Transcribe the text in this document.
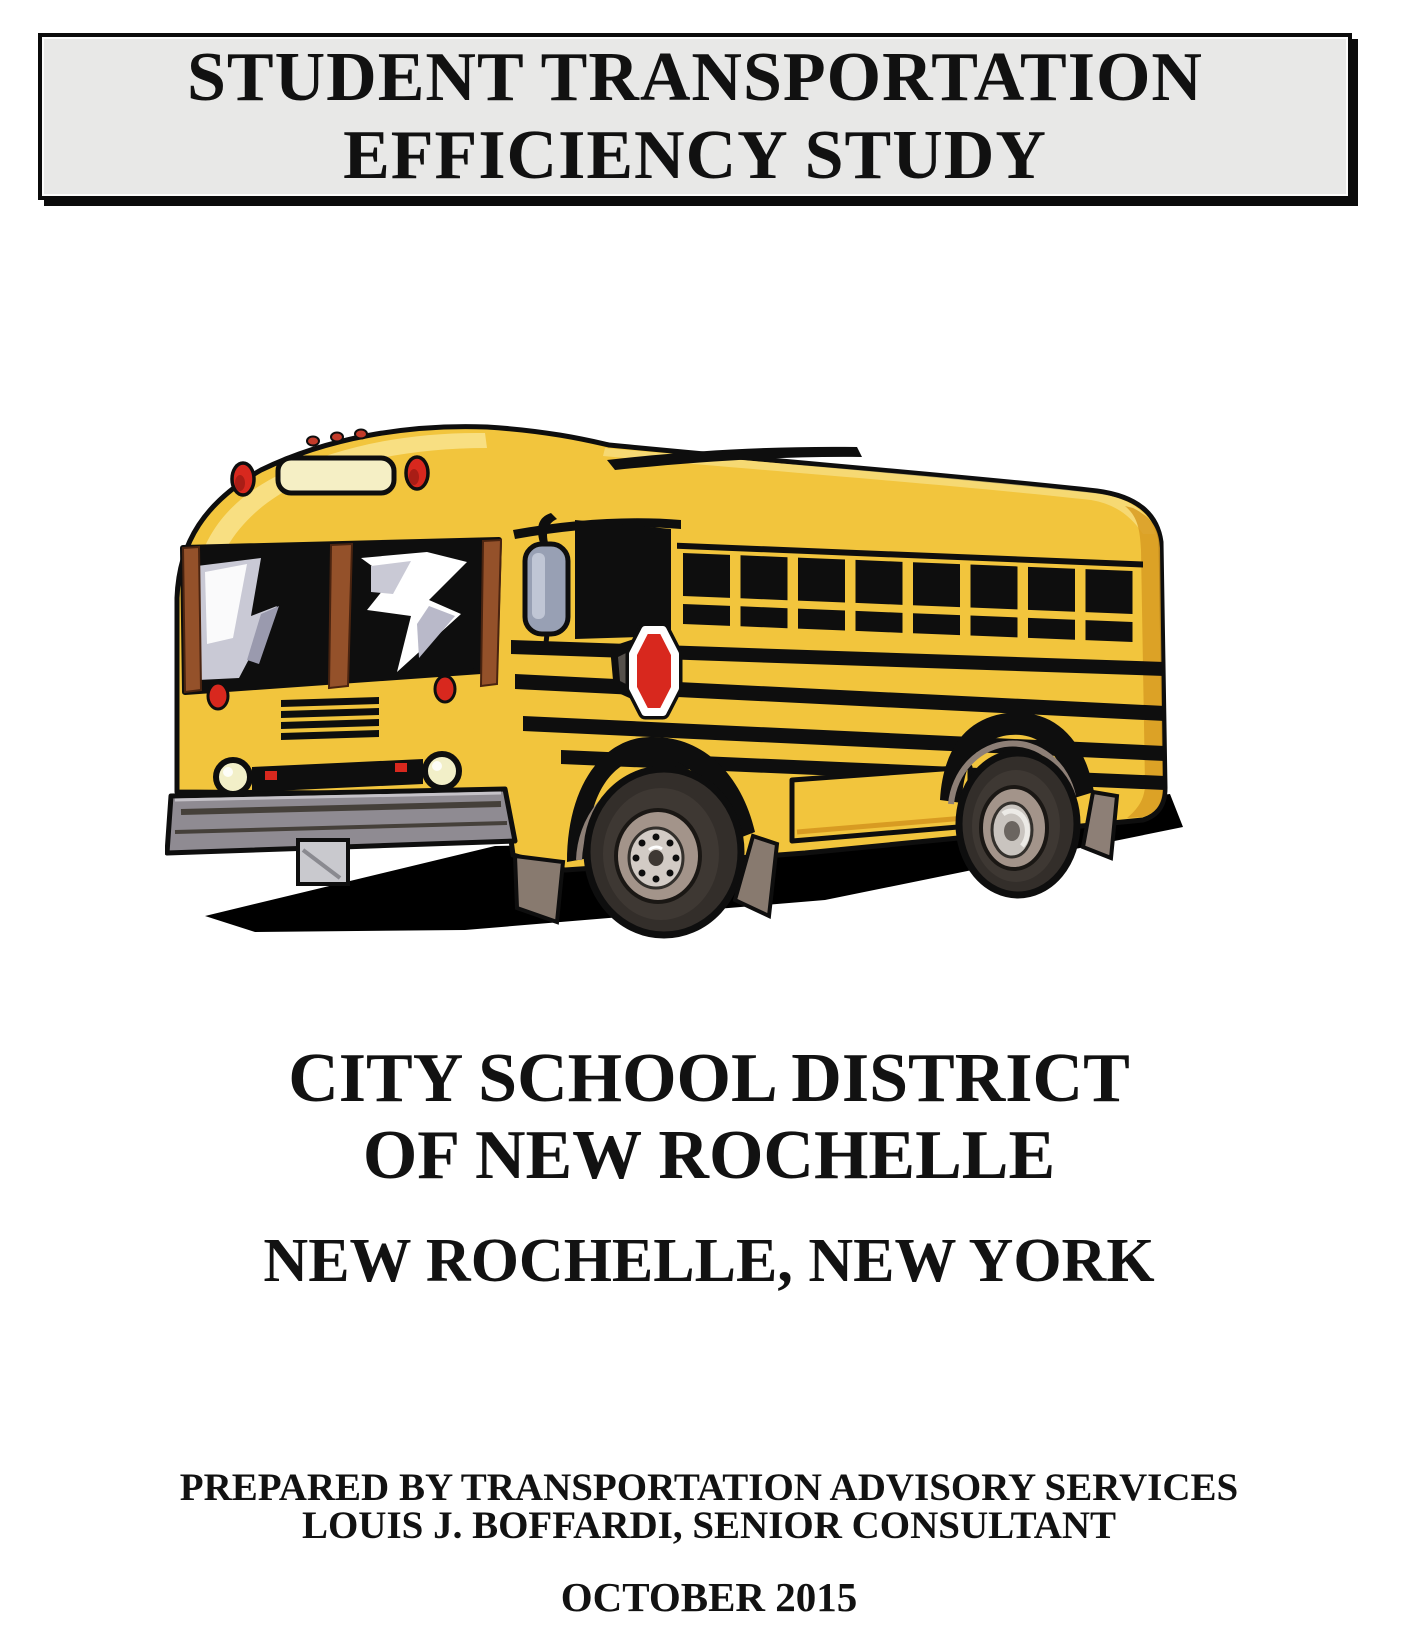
STUDENT TRANSPORTATION
EFFICIENCY STUDY
CITY SCHOOL DISTRICT
OF NEW ROCHELLE
NEW ROCHELLE, NEW YORK
PREPARED BY TRANSPORTATION ADVISORY SERVICES
LOUIS J. BOFFARDI, SENIOR CONSULTANT
OCTOBER 2015
